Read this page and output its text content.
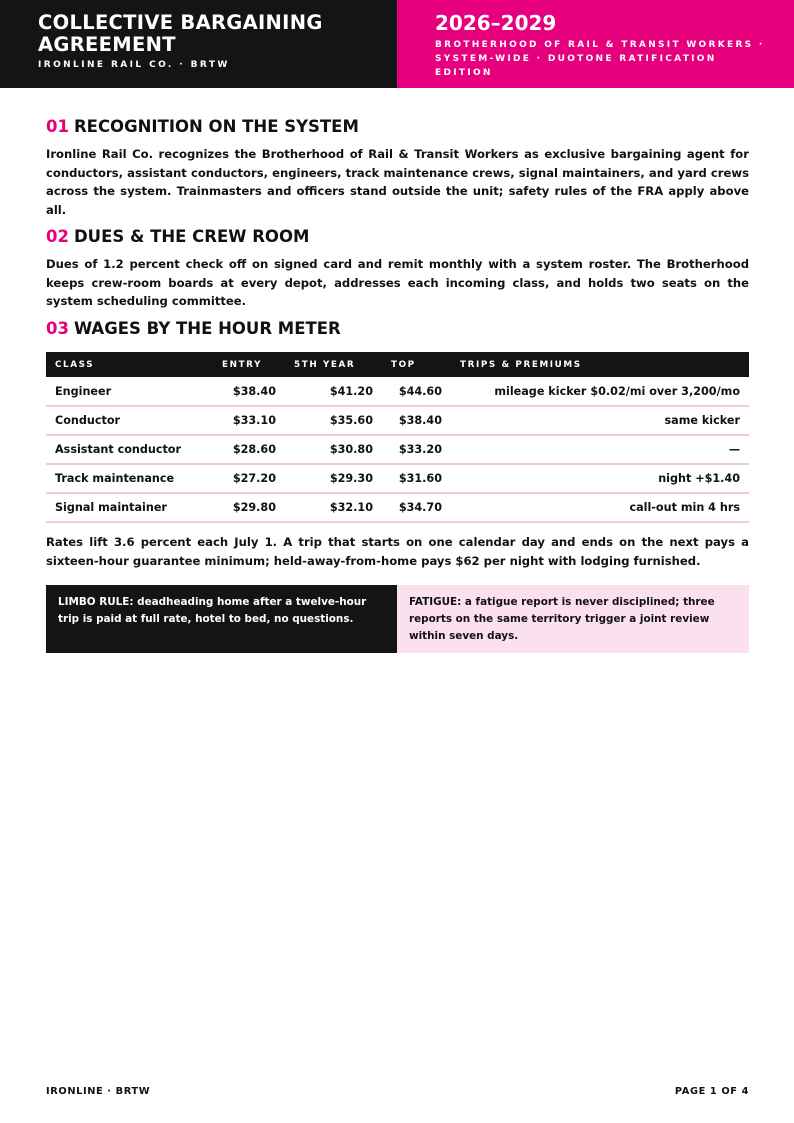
COLLECTIVE BARGAINING AGREEMENT
IRONLINE RAIL CO. · BRTW
2026–2029
BROTHERHOOD OF RAIL & TRANSIT WORKERS · SYSTEM-WIDE · DUOTONE RATIFICATION EDITION
01 RECOGNITION ON THE SYSTEM
Ironline Rail Co. recognizes the Brotherhood of Rail & Transit Workers as exclusive bargaining agent for conductors, assistant conductors, engineers, track maintenance crews, signal maintainers, and yard crews across the system. Trainmasters and officers stand outside the unit; safety rules of the FRA apply above all.
02 DUES & THE CREW ROOM
Dues of 1.2 percent check off on signed card and remit monthly with a system roster. The Brotherhood keeps crew-room boards at every depot, addresses each incoming class, and holds two seats on the system scheduling committee.
03 WAGES BY THE HOUR METER
CLASS	ENTRY	5TH YEAR	TOP	TRIPS & PREMIUMS
Engineer	$38.40	$41.20	$44.60	mileage kicker $0.02/mi over 3,200/mo
Conductor	$33.10	$35.60	$38.40	same kicker
Assistant conductor	$28.60	$30.80	$33.20	—
Track maintenance	$27.20	$29.30	$31.60	night +$1.40
Signal maintainer	$29.80	$32.10	$34.70	call-out min 4 hrs
Rates lift 3.6 percent each July 1. A trip that starts on one calendar day and ends on the next pays a sixteen-hour guarantee minimum; held-away-from-home pays $62 per night with lodging furnished.
LIMBO RULE: deadheading home after a twelve-hour trip is paid at full rate, hotel to bed, no questions.
FATIGUE: a fatigue report is never disciplined; three reports on the same territory trigger a joint review within seven days.
IRONLINE · BRTW	PAGE 1 OF 4
